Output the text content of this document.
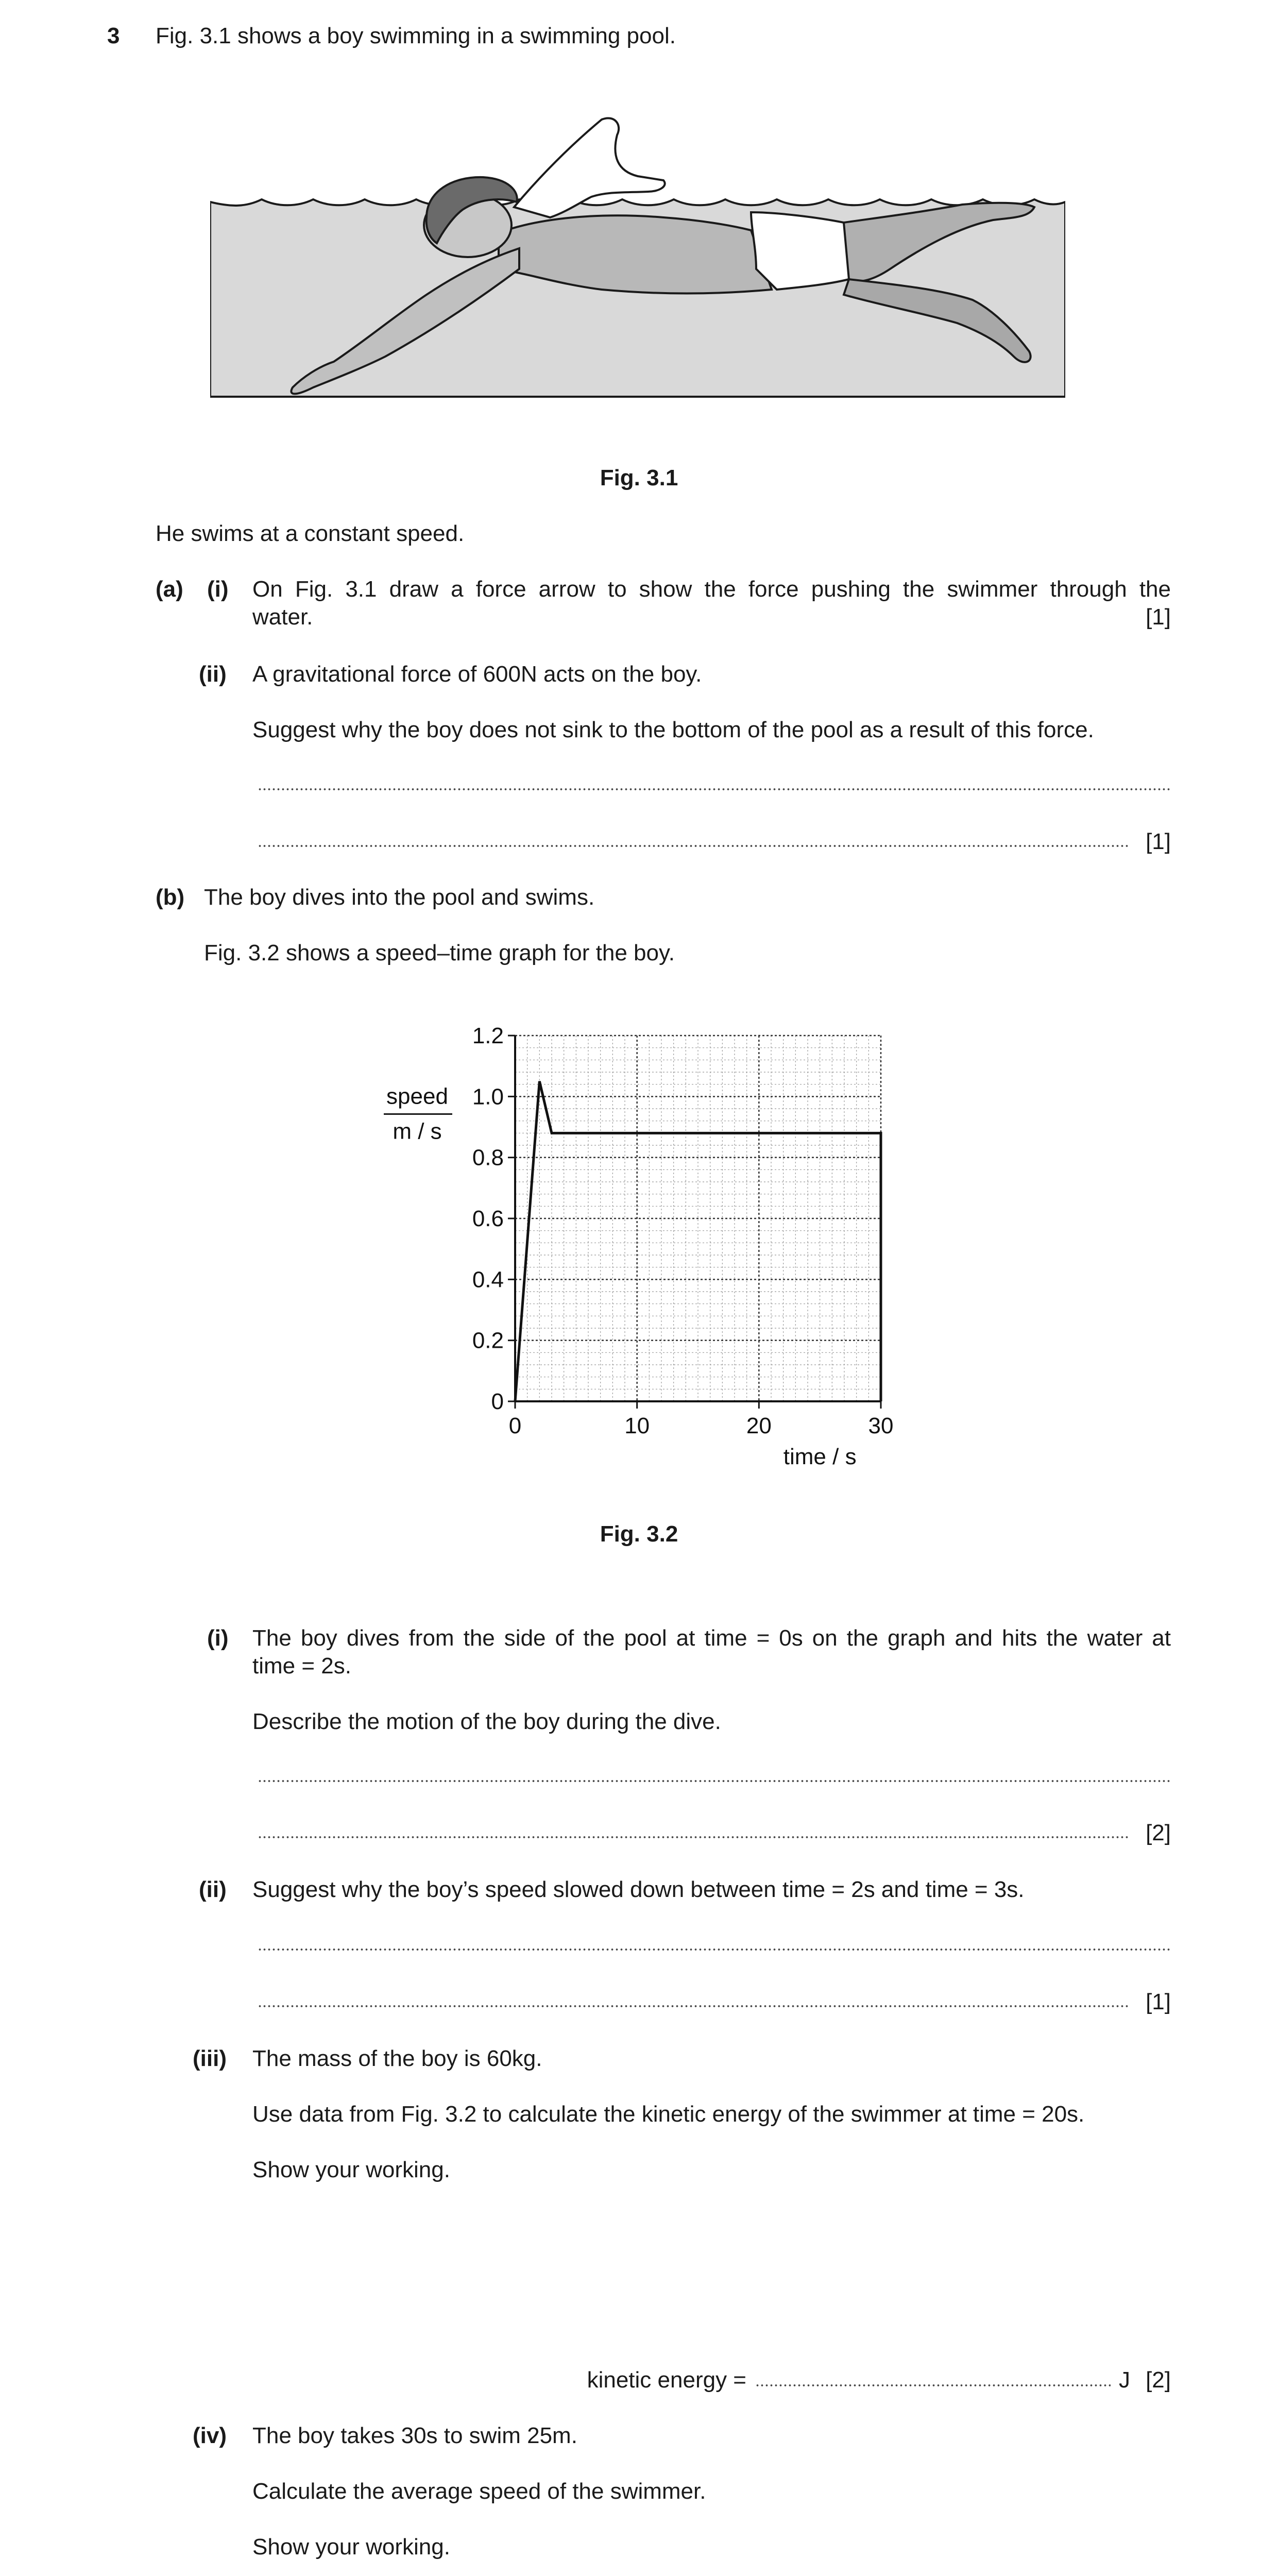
3 Fig. 3.1 shows a boy swimming in a swimming pool.
Fig. 3.1
He swims at a constant speed.
(a) (i) On Fig. 3.1 draw a force arrow to show the force pushing the swimmer through the
water.	[1]
(ii) A gravitational force of 600N acts on the boy.
Suggest why the boy does not sink to the bottom of the pool as a result of this force.
[1]
(b) The boy dives into the pool and swims.
Fig. 3.2 shows a speed–time graph for the boy.
0	10	20	30
0
0.2
0.4
0.6
0.8
1.0
1.2
time / s
speed
m / s
Fig. 3.2
(i) The boy dives from the side of the pool at time = 0s on the graph and hits the water at
time = 2s.
Describe the motion of the boy during the dive.
[2]
(ii) Suggest why the boy’s speed slowed down between time = 2s and time = 3s.
[1]
(iii) The mass of the boy is 60kg.
Use data from Fig. 3.2 to calculate the kinetic energy of the swimmer at time = 20s.
Show your working.
kinetic energy =	J [2]
(iv) The boy takes 30s to swim 25m.
Calculate the average speed of the swimmer.
Show your working.
